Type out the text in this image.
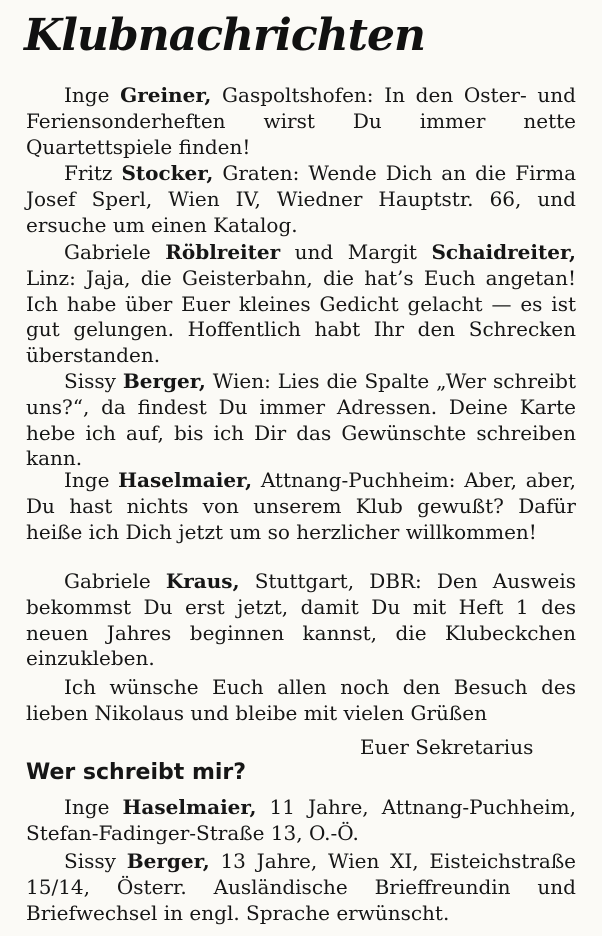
Klubnachrichten

Inge Greiner, Gaspoltshofen: In den Oster- und Feriensonderheften wirst Du immer nette Quartettspiele finden!

Fritz Stocker, Graten: Wende Dich an die Firma Josef Sperl, Wien IV, Wiedner Hauptstr. 66, und ersuche um einen Katalog.

Gabriele Röblreiter und Margit Schaidreiter, Linz: Jaja, die Geisterbahn, die hat’s Euch angetan! Ich habe über Euer kleines Gedicht gelacht — es ist gut gelungen. Hoffentlich habt Ihr den Schrecken überstanden.

Sissy Berger, Wien: Lies die Spalte „Wer schreibt uns?“, da findest Du immer Adressen. Deine Karte hebe ich auf, bis ich Dir das Gewünschte schreiben kann.

Inge Haselmaier, Attnang-Puchheim: Aber, aber, Du hast nichts von unserem Klub gewußt? Dafür heiße ich Dich jetzt um so herzlicher willkommen!

Gabriele Kraus, Stuttgart, DBR: Den Ausweis bekommst Du erst jetzt, damit Du mit Heft 1 des neuen Jahres beginnen kannst, die Klubeckchen einzukleben.

Ich wünsche Euch allen noch den Besuch des lieben Nikolaus und bleibe mit vielen Grüßen

Euer Sekretarius
Wer schreibt mir?

Inge Haselmaier, 11 Jahre, Attnang-Puchheim, Stefan-Fadinger-Straße 13, O.-Ö.

Sissy Berger, 13 Jahre, Wien XI, Eisteichstraße 15/14, Österr. Ausländische Brieffreundin und Briefwechsel in engl. Sprache erwünscht.
